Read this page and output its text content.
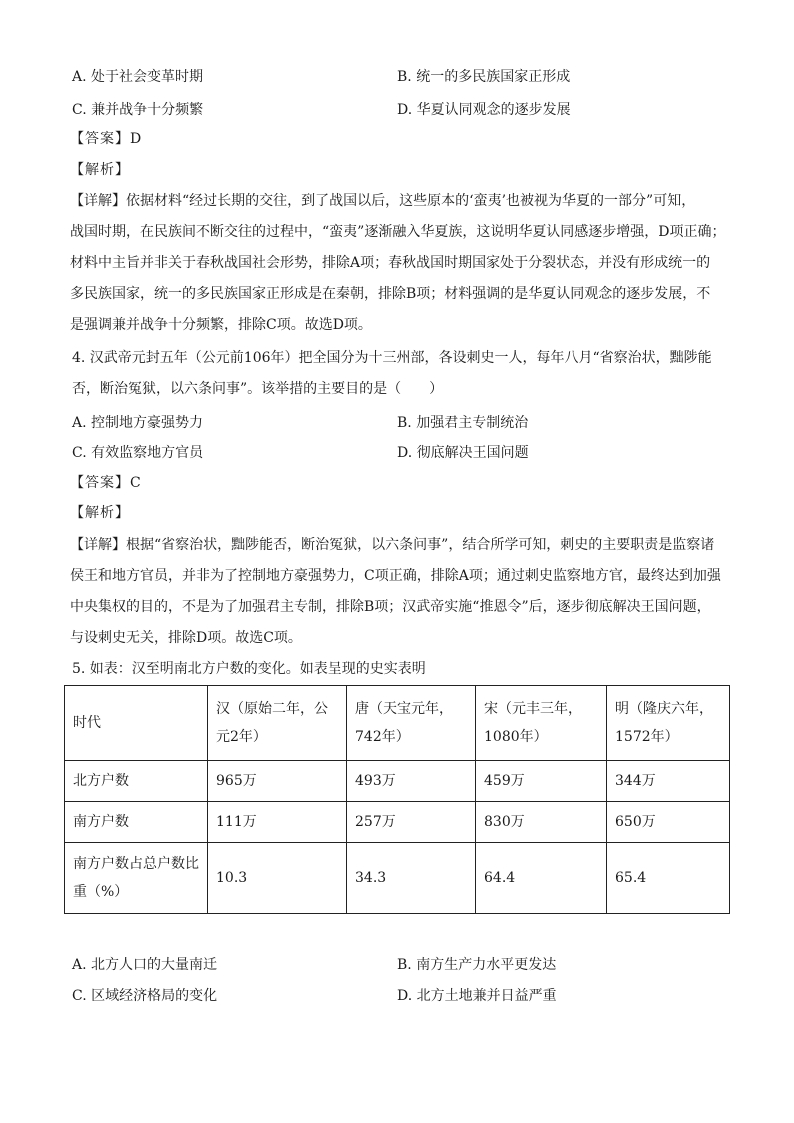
A. 处于社会变革时期	B. 统一的多民族国家正形成
C. 兼并战争十分频繁	D. 华夏认同观念的逐步发展
【答案】D
【解析】
【详解】依据材料“经过长期的交往，到了战国以后，这些原本的‘蛮夷’也被视为华夏的一部分”可知，
战国时期，在民族间不断交往的过程中，“蛮夷”逐渐融入华夏族，这说明华夏认同感逐步增强，D项正确；
材料中主旨并非关于春秋战国社会形势，排除A项；春秋战国时期国家处于分裂状态，并没有形成统一的
多民族国家，统一的多民族国家正形成是在秦朝，排除B项；材料强调的是华夏认同观念的逐步发展，不
是强调兼并战争十分频繁，排除C项。故选D项。
4. 汉武帝元封五年（公元前106年）把全国分为十三州部，各设刺史一人，每年八月“省察治状，黜陟能
否，断治冤狱，以六条问事”。该举措的主要目的是（　　）
A. 控制地方豪强势力	B. 加强君主专制统治
C. 有效监察地方官员	D. 彻底解决王国问题
【答案】C
【解析】
【详解】根据“省察治状，黜陟能否，断治冤狱，以六条问事”，结合所学可知，刺史的主要职责是监察诸
侯王和地方官员，并非为了控制地方豪强势力，C项正确，排除A项；通过刺史监察地方官，最终达到加强
中央集权的目的，不是为了加强君主专制，排除B项；汉武帝实施“推恩令”后，逐步彻底解决王国问题，
与设刺史无关，排除D项。故选C项。
5. 如表：汉至明南北方户数的变化。如表呈现的史实表明
时代	汉（原始二年，公元2年）	唐（天宝元年，742年）	宋（元丰三年，1080年）	明（隆庆六年，1572年）
北方户数	965万	493万	459万	344万
南方户数	111万	257万	830万	650万
南方户数占总户数比重（%）	10.3	34.3	64.4	65.4
A. 北方人口的大量南迁	B. 南方生产力水平更发达
C. 区域经济格局的变化	D. 北方土地兼并日益严重
